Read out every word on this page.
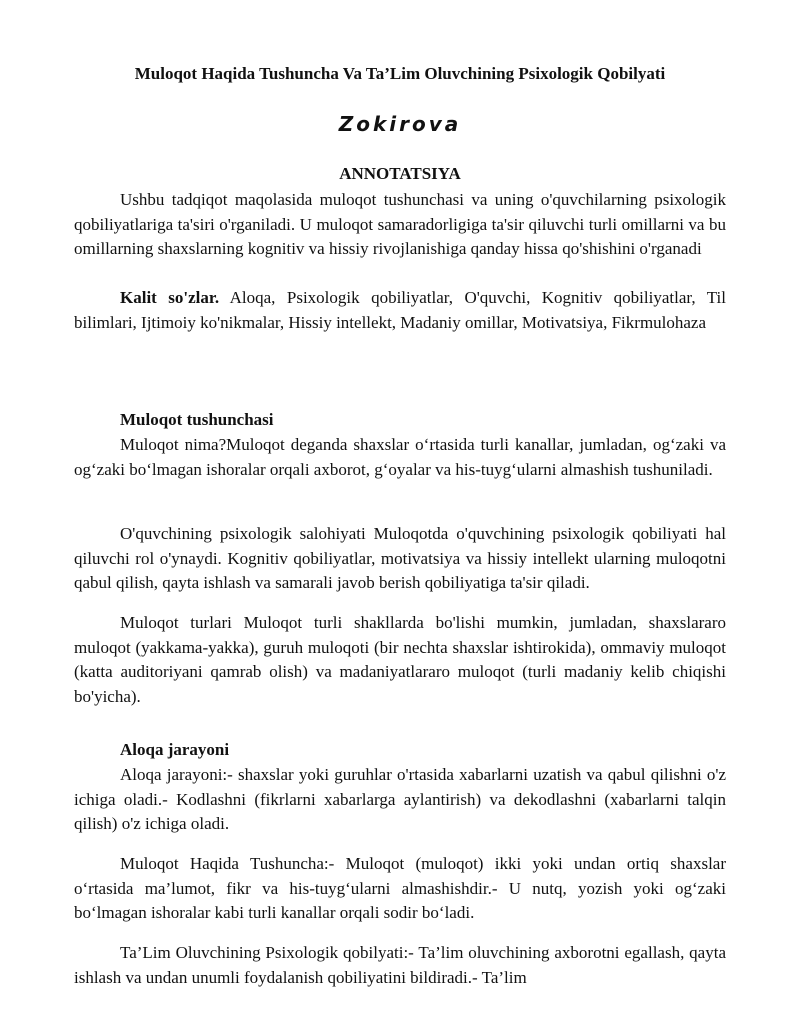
Muloqot Haqida Tushuncha Va Ta’Lim Oluvchining Psixologik Qobilyati
Zokirova
ANNOTATSIYA
Ushbu tadqiqot maqolasida muloqot tushunchasi va uning o'quvchilarning psixologik qobiliyatlariga ta'siri o'rganiladi. U muloqot samaradorligiga ta'sir qiluvchi turli omillarni va bu omillarning shaxslarning kognitiv va hissiy rivojlanishiga qanday hissa qo'shishini o'rganadi
Kalit so'zlar. Aloqa, Psixologik qobiliyatlar, O'quvchi, Kognitiv qobiliyatlar, Til bilimlari, Ijtimoiy ko'nikmalar, Hissiy intellekt, Madaniy omillar, Motivatsiya, Fikrmulohaza
Muloqot tushunchasi
Muloqot nima?Muloqot deganda shaxslar o‘rtasida turli kanallar, jumladan, og‘zaki va og‘zaki bo‘lmagan ishoralar orqali axborot, g‘oyalar va his-tuyg‘ularni almashish tushuniladi.
O'quvchining psixologik salohiyati Muloqotda o'quvchining psixologik qobiliyati hal qiluvchi rol o'ynaydi. Kognitiv qobiliyatlar, motivatsiya va hissiy intellekt ularning muloqotni qabul qilish, qayta ishlash va samarali javob berish qobiliyatiga ta'sir qiladi.
Muloqot turlari Muloqot turli shakllarda bo'lishi mumkin, jumladan, shaxslararo muloqot (yakkama-yakka), guruh muloqoti (bir nechta shaxslar ishtirokida), ommaviy muloqot (katta auditoriyani qamrab olish) va madaniyatlararo muloqot (turli madaniy kelib chiqishi bo'yicha).
Aloqa jarayoni
Aloqa jarayoni:- shaxslar yoki guruhlar o'rtasida xabarlarni uzatish va qabul qilishni o'z ichiga oladi.- Kodlashni (fikrlarni xabarlarga aylantirish) va dekodlashni (xabarlarni talqin qilish) o'z ichiga oladi.
Muloqot Haqida Tushuncha:- Muloqot (muloqot) ikki yoki undan ortiq shaxslar o‘rtasida ma’lumot, fikr va his-tuyg‘ularni almashishdir.- U nutq, yozish yoki og‘zaki bo‘lmagan ishoralar kabi turli kanallar orqali sodir bo‘ladi.
Ta’Lim Oluvchining Psixologik qobilyati:- Ta’lim oluvchining axborotni egallash, qayta ishlash va undan unumli foydalanish qobiliyatini bildiradi.- Ta’lim
